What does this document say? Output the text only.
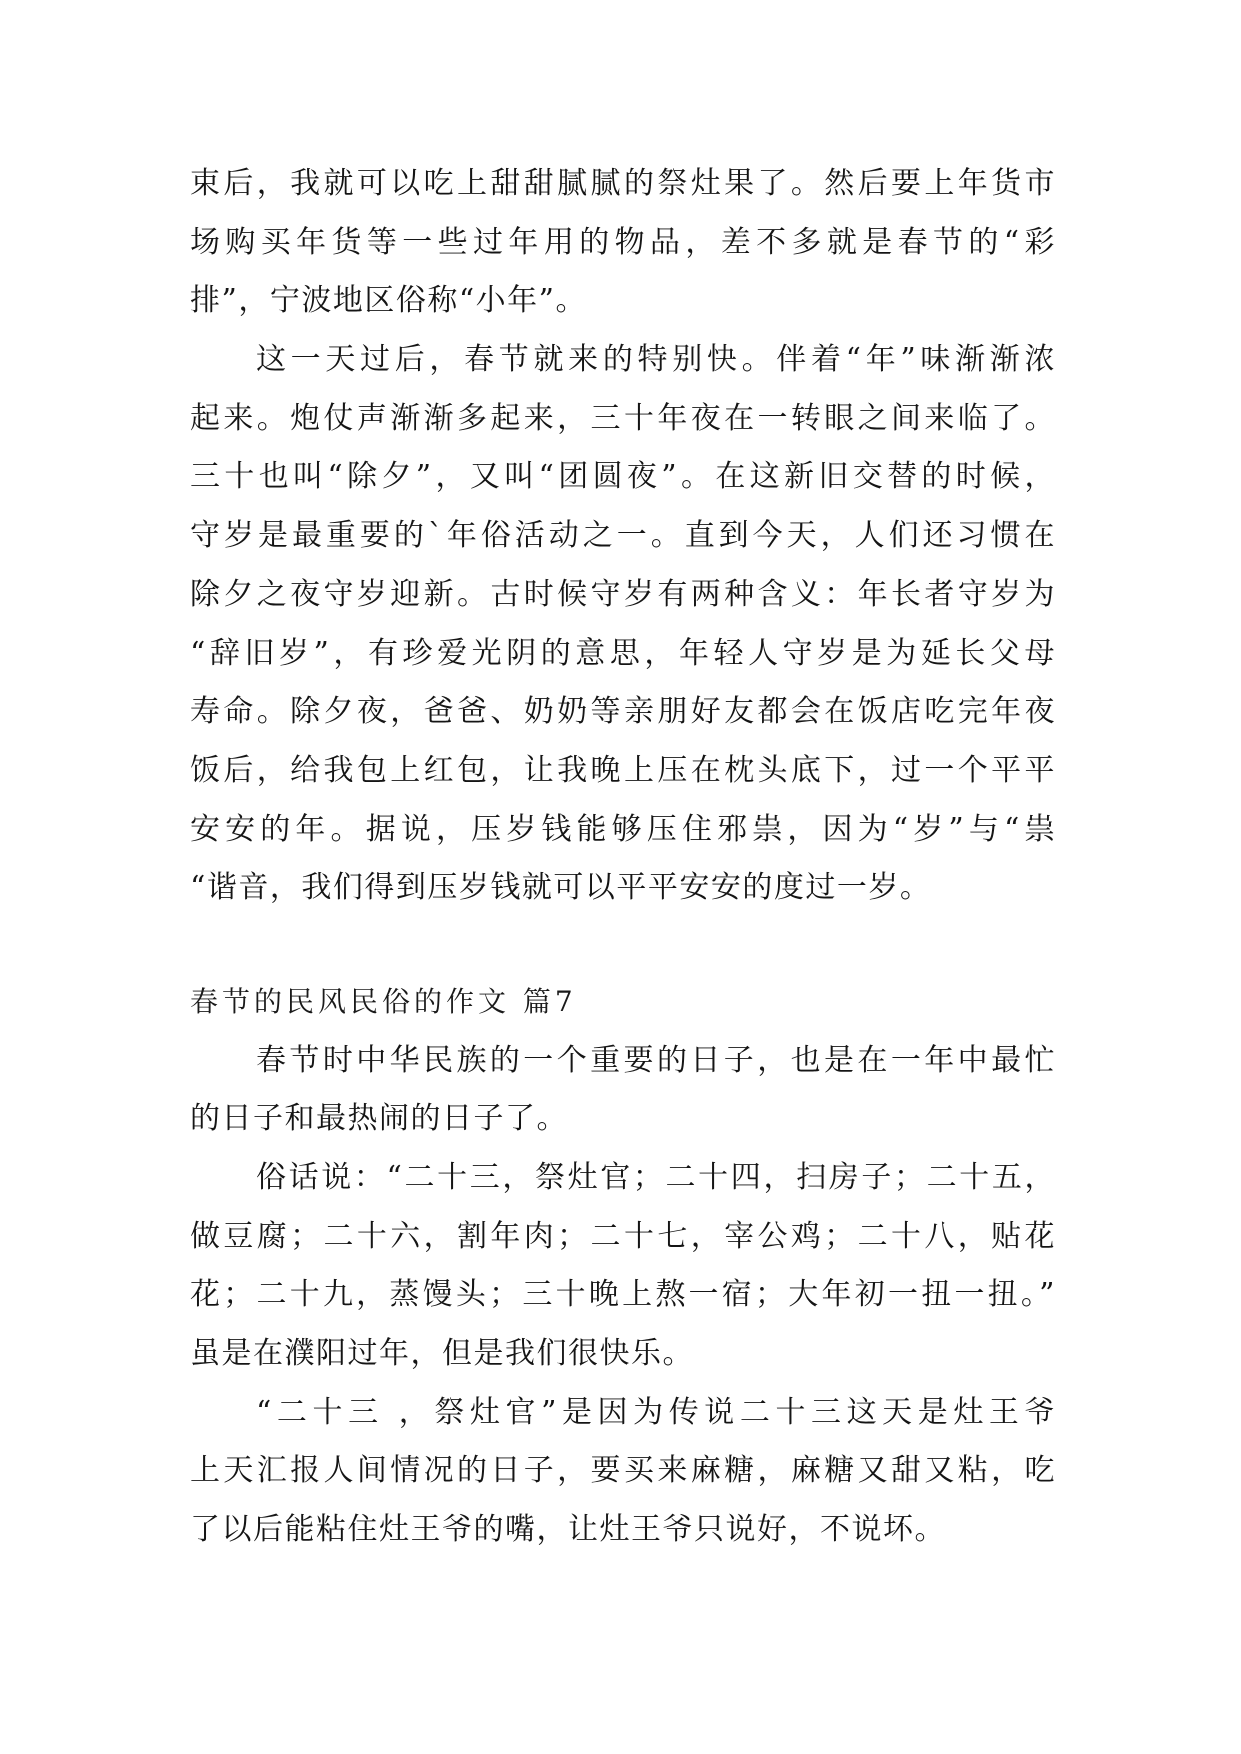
束后，我就可以吃上甜甜腻腻的祭灶果了。然后要上年货市
场购买年货等一些过年用的物品，差不多就是春节的“彩
排”，宁波地区俗称“小年”。
这一天过后，春节就来的特别快。伴着“年”味渐渐浓
起来。炮仗声渐渐多起来，三十年夜在一转眼之间来临了。
三十也叫“除夕”，又叫“团圆夜”。在这新旧交替的时候，
守岁是最重要的`年俗活动之一。直到今天，人们还习惯在
除夕之夜守岁迎新。古时候守岁有两种含义：年长者守岁为
“辞旧岁”，有珍爱光阴的意思，年轻人守岁是为延长父母
寿命。除夕夜，爸爸、奶奶等亲朋好友都会在饭店吃完年夜
饭后，给我包上红包，让我晚上压在枕头底下，过一个平平
安安的年。据说，压岁钱能够压住邪祟，因为“岁”与“祟
“谐音，我们得到压岁钱就可以平平安安的度过一岁。
春节的民风民俗的作文 篇7
春节时中华民族的一个重要的日子，也是在一年中最忙
的日子和最热闹的日子了。
俗话说：“二十三，祭灶官；二十四，扫房子；二十五，
做豆腐；二十六，割年肉；二十七，宰公鸡；二十八，贴花
花；二十九，蒸馒头；三十晚上熬一宿；大年初一扭一扭。”
虽是在濮阳过年，但是我们很快乐。
“二十三 ，祭灶官”是因为传说二十三这天是灶王爷
上天汇报人间情况的日子，要买来麻糖，麻糖又甜又粘，吃
了以后能粘住灶王爷的嘴，让灶王爷只说好，不说坏。
